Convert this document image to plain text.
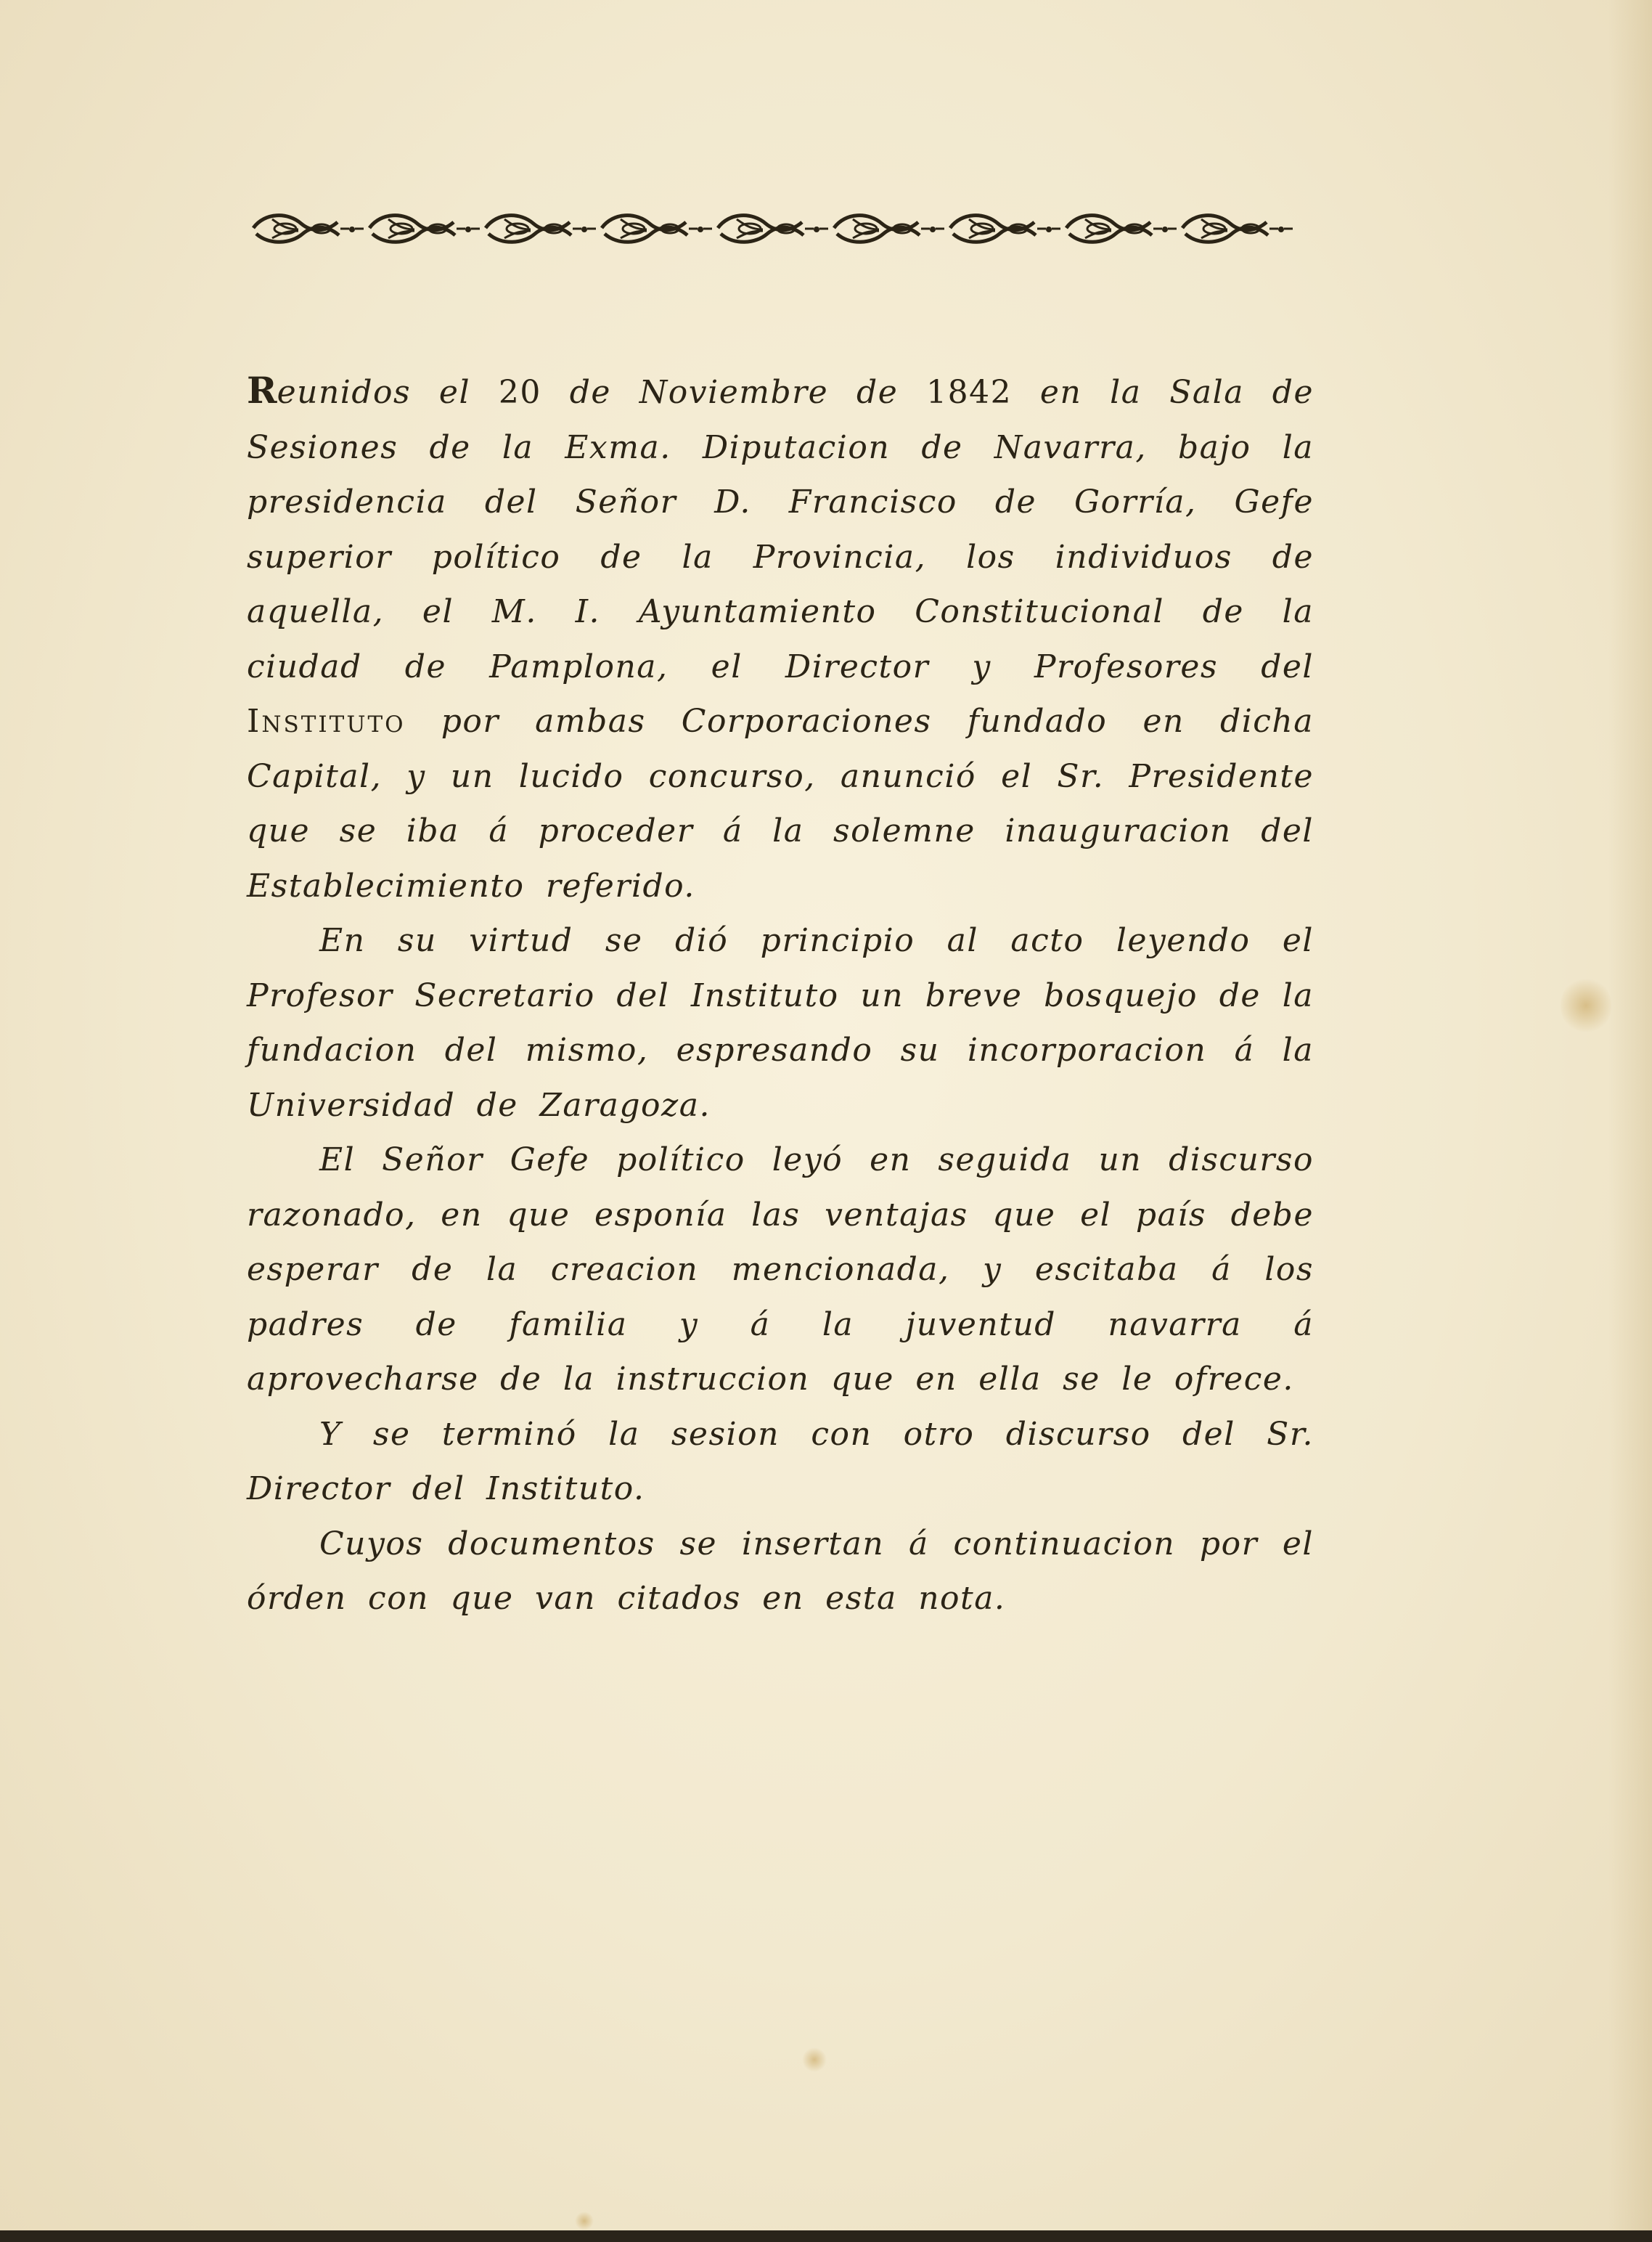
Reunidos el 20 de Noviembre de 1842 en la Sala de Sesiones de la Exma. Diputacion de Navarra, bajo la presidencia del Señor D. Francisco de Gorría, Gefe superior político de la Provincia, los individuos de aquella, el M. I. Ayuntamiento Constitucional de la ciudad de Pamplona, el Director y Profesores del Instituto por ambas Corporaciones fundado en dicha Capital, y un lucido concurso, anunció el Sr. Presidente que se iba á proceder á la solemne inauguracion del Establecimiento referido.

En su virtud se dió principio al acto leyendo el Profesor Secretario del Instituto un breve bosquejo de la fundacion del mismo, espresando su incorporacion á la Universidad de Zaragoza.

El Señor Gefe político leyó en seguida un discurso razonado, en que esponía las ventajas que el país debe esperar de la creacion mencionada, y escitaba á los padres de familia y á la juventud navarra á aprovecharse de la instruccion que en ella se le ofrece.

Y se terminó la sesion con otro discurso del Sr. Director del Instituto.

Cuyos documentos se insertan á continuacion por el órden con que van citados en esta nota.
